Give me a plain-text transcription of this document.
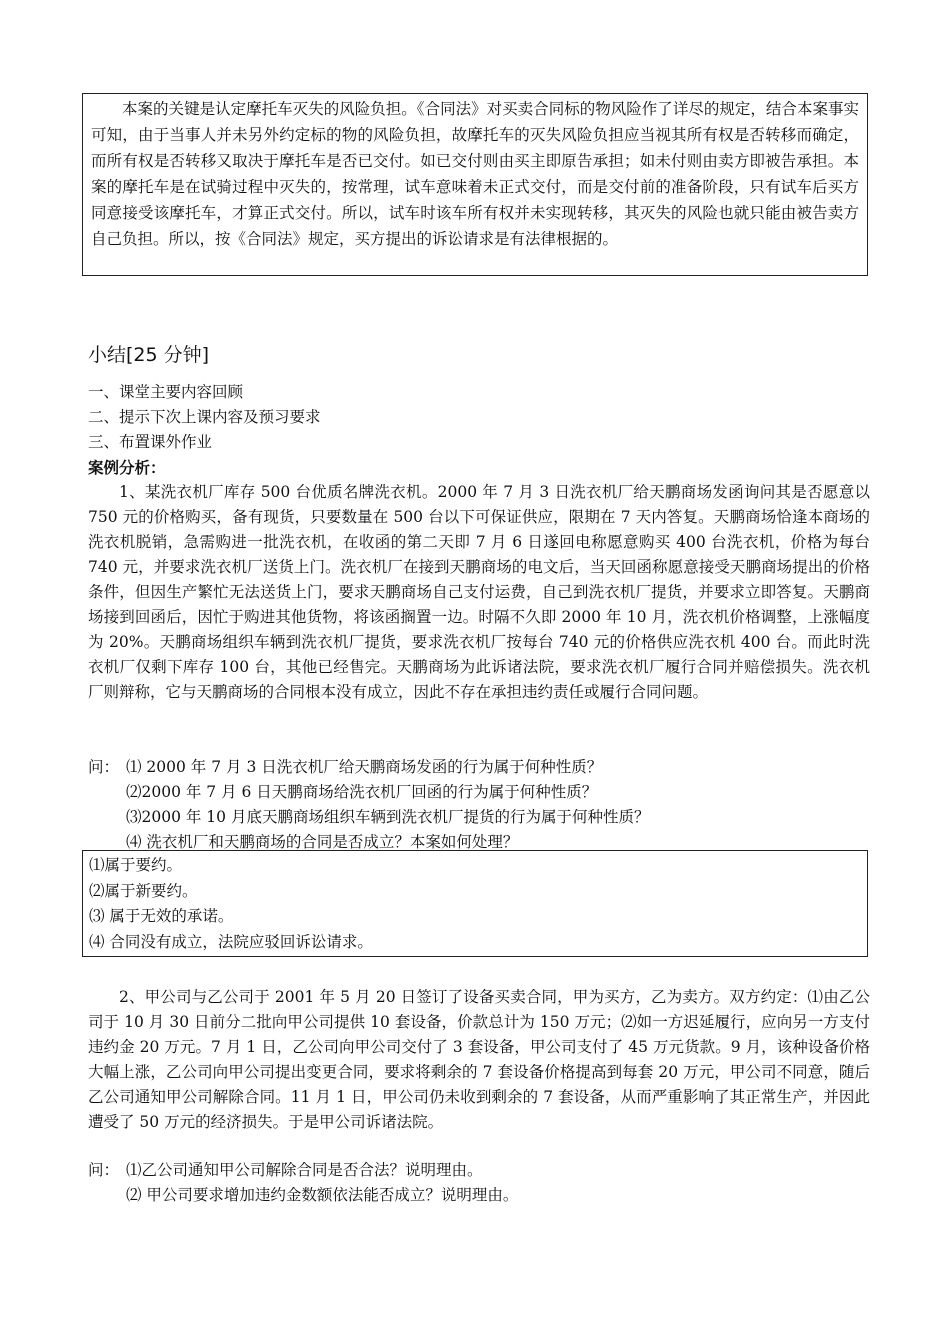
本案的关键是认定摩托车灭失的风险负担。《合同法》对买卖合同标的物风险作了详尽的规定，结合本案事实可知，由于当事人并未另外约定标的物的风险负担，故摩托车的灭失风险负担应当视其所有权是否转移而确定，而所有权是否转移又取决于摩托车是否已交付。如已交付则由买主即原告承担；如未付则由卖方即被告承担。本案的摩托车是在试骑过程中灭失的，按常理，试车意味着未正式交付，而是交付前的准备阶段，只有试车后买方同意接受该摩托车，才算正式交付。所以，试车时该车所有权并未实现转移，其灭失的风险也就只能由被告卖方自己负担。所以，按《合同法》规定，买方提出的诉讼请求是有法律根据的。

小结[25 分钟]
一、课堂主要内容回顾
二、提示下次上课内容及预习要求
三、布置课外作业
案例分析：

1、某洗衣机厂库存 500 台优质名牌洗衣机。2000 年 7 月 3 日洗衣机厂给天鹏商场发函询问其是否愿意以 750 元的价格购买，备有现货，只要数量在 500 台以下可保证供应，限期在 7 天内答复。天鹏商场恰逢本商场的洗衣机脱销，急需购进一批洗衣机，在收函的第二天即 7 月 6 日遂回电称愿意购买 400 台洗衣机，价格为每台 740 元，并要求洗衣机厂送货上门。洗衣机厂在接到天鹏商场的电文后，当天回函称愿意接受天鹏商场提出的价格条件，但因生产繁忙无法送货上门，要求天鹏商场自己支付运费，自己到洗衣机厂提货，并要求立即答复。天鹏商场接到回函后，因忙于购进其他货物，将该函搁置一边。时隔不久即 2000 年 10 月，洗衣机价格调整，上涨幅度为 20%。天鹏商场组织车辆到洗衣机厂提货，要求洗衣机厂按每台 740 元的价格供应洗衣机 400 台。而此时洗衣机厂仅剩下库存 100 台，其他已经售完。天鹏商场为此诉诸法院，要求洗衣机厂履行合同并赔偿损失。洗衣机厂则辩称，它与天鹏商场的合同根本没有成立，因此不存在承担违约责任或履行合同问题。

问： ⑴ 2000 年 7 月 3 日洗衣机厂给天鹏商场发函的行为属于何种性质？
⑵2000 年 7 月 6 日天鹏商场给洗衣机厂回函的行为属于何种性质？
⑶2000 年 10 月底天鹏商场组织车辆到洗衣机厂提货的行为属于何种性质？
⑷ 洗衣机厂和天鹏商场的合同是否成立？本案如何处理？
⑴属于要约。
⑵属于新要约。
⑶ 属于无效的承诺。
⑷ 合同没有成立，法院应驳回诉讼请求。

2、甲公司与乙公司于 2001 年 5 月 20 日签订了设备买卖合同，甲为买方，乙为卖方。双方约定：⑴由乙公司于 10 月 30 日前分二批向甲公司提供 10 套设备，价款总计为 150 万元；⑵如一方迟延履行，应向另一方支付违约金 20 万元。7 月 1 日，乙公司向甲公司交付了 3 套设备，甲公司支付了 45 万元货款。9 月，该种设备价格大幅上涨，乙公司向甲公司提出变更合同，要求将剩余的 7 套设备价格提高到每套 20 万元，甲公司不同意，随后乙公司通知甲公司解除合同。11 月 1 日，甲公司仍未收到剩余的 7 套设备，从而严重影响了其正常生产，并因此遭受了 50 万元的经济损失。于是甲公司诉诸法院。

问： ⑴乙公司通知甲公司解除合同是否合法？说明理由。
⑵ 甲公司要求增加违约金数额依法能否成立？说明理由。
